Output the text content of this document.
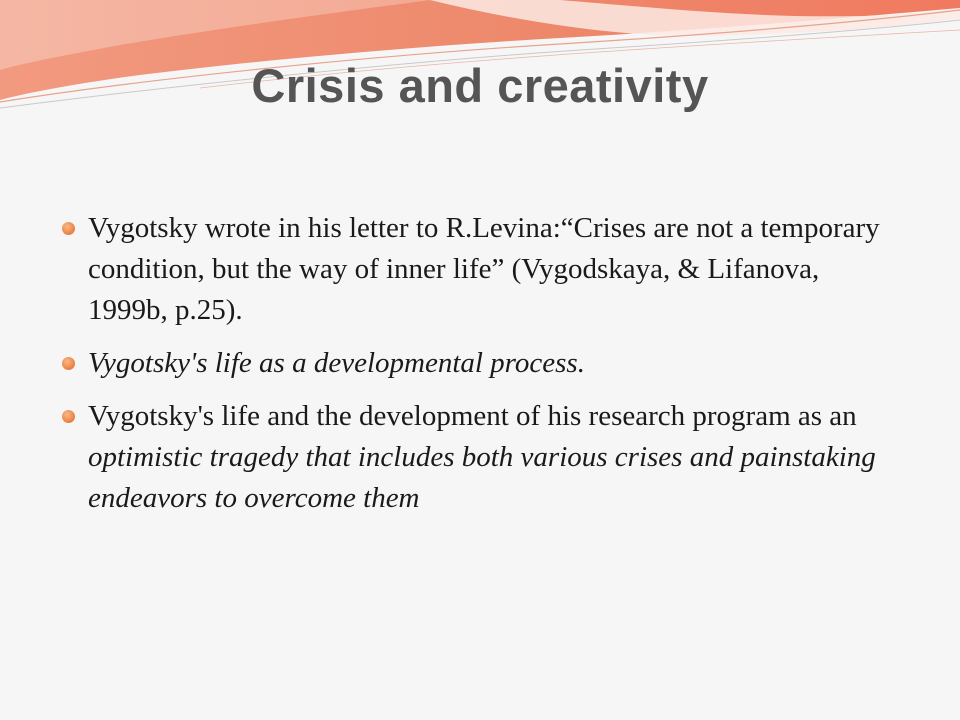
Crisis and creativity
Vygotsky wrote in his letter to R.Levina:“Crises are not a temporary condition, but the way of inner life” (Vygodskaya, & Lifanova, 1999b, p.25).
Vygotsky's life as a developmental process.
Vygotsky's life and the development of his research program as an optimistic tragedy that includes both various crises and painstaking endeavors to overcome them
